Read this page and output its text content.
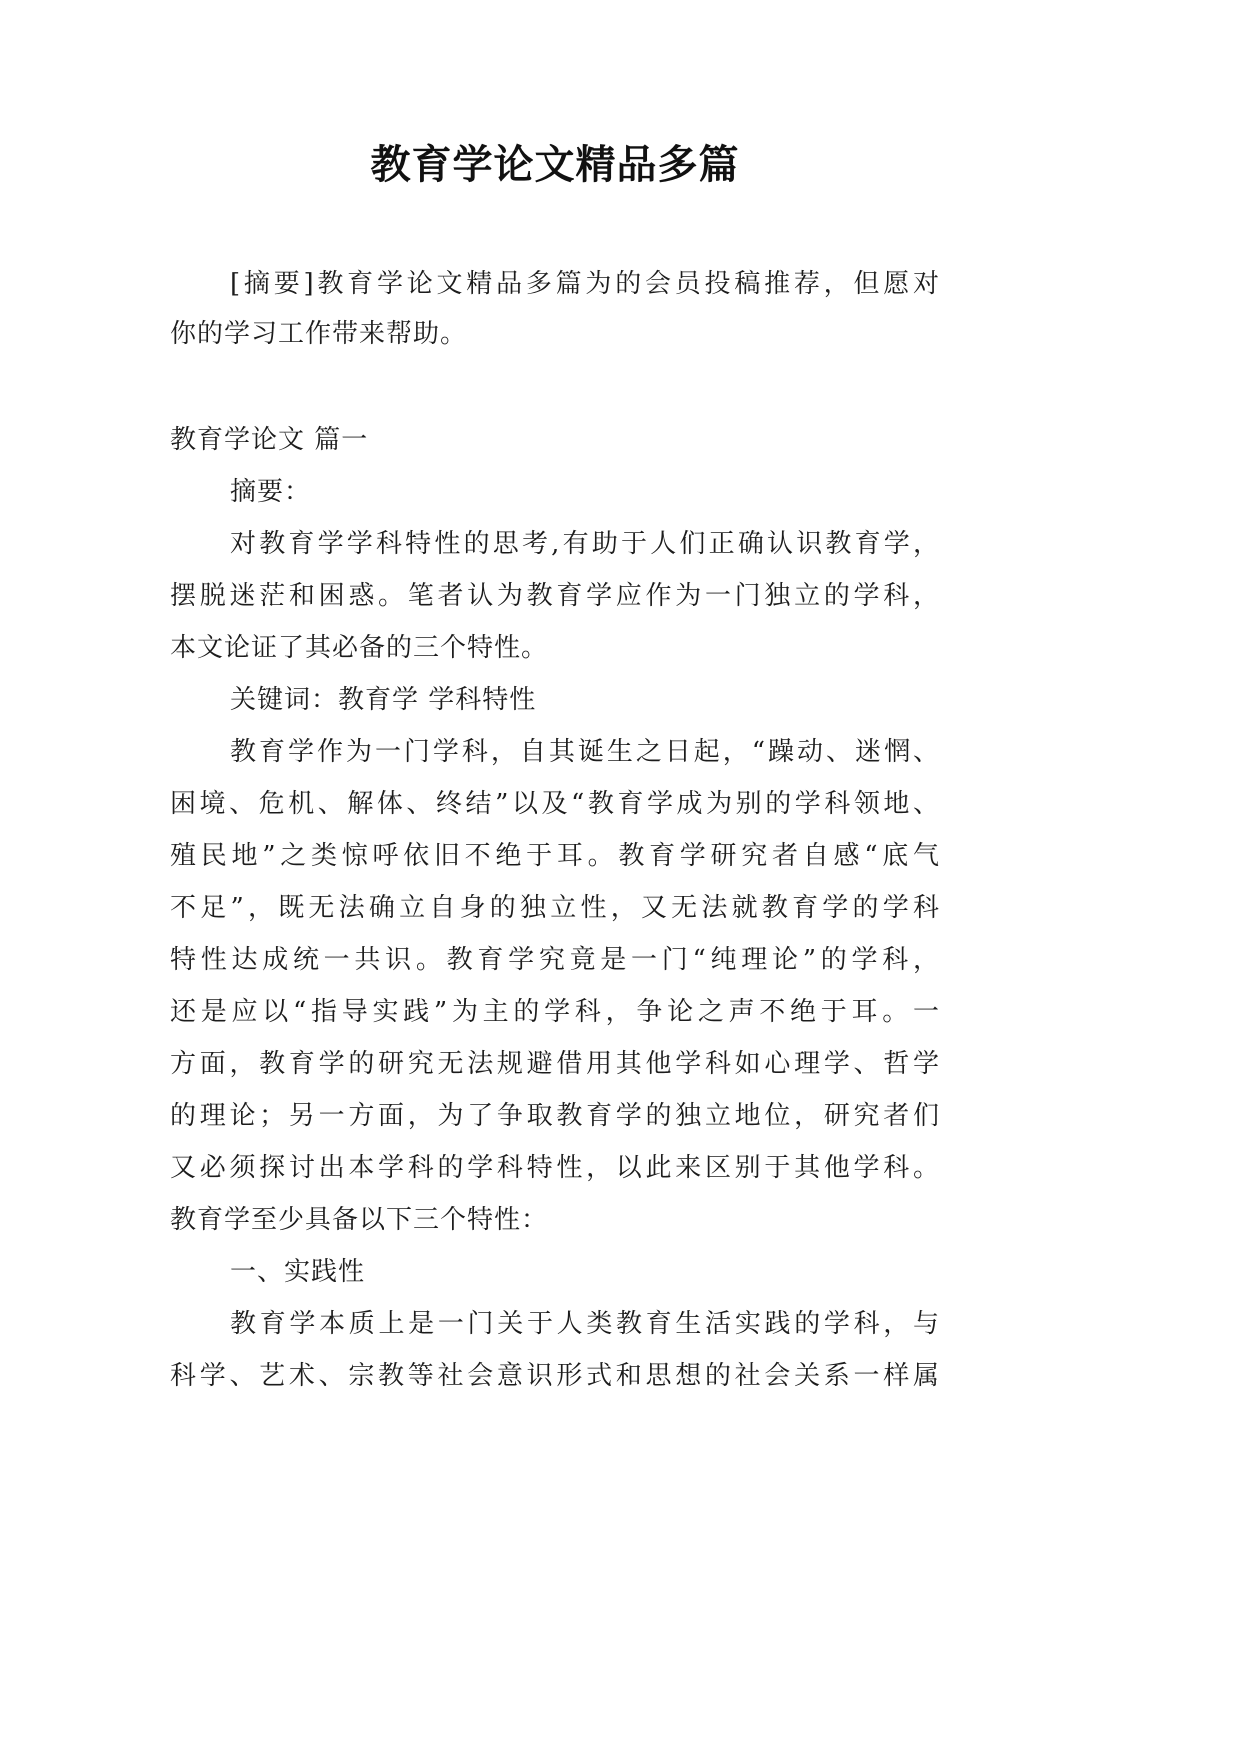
教育学论文精品多篇
[摘要]教育学论文精品多篇为的会员投稿推荐，但愿对
你的学习工作带来帮助。
教育学论文 篇一
摘要：
对教育学学科特性的思考,有助于人们正确认识教育学，
摆脱迷茫和困惑。笔者认为教育学应作为一门独立的学科，
本文论证了其必备的三个特性。
关键词：教育学 学科特性
教育学作为一门学科，自其诞生之日起，“躁动、迷惘、
困境、危机、解体、终结”以及“教育学成为别的学科领地、
殖民地”之类惊呼依旧不绝于耳。教育学研究者自感“底气
不足”，既无法确立自身的独立性，又无法就教育学的学科
特性达成统一共识。教育学究竟是一门“纯理论”的学科，
还是应以“指导实践”为主的学科，争论之声不绝于耳。一
方面，教育学的研究无法规避借用其他学科如心理学、哲学
的理论；另一方面，为了争取教育学的独立地位，研究者们
又必须探讨出本学科的学科特性，以此来区别于其他学科。
教育学至少具备以下三个特性：
一、实践性
教育学本质上是一门关于人类教育生活实践的学科，与
科学、艺术、宗教等社会意识形式和思想的社会关系一样属
